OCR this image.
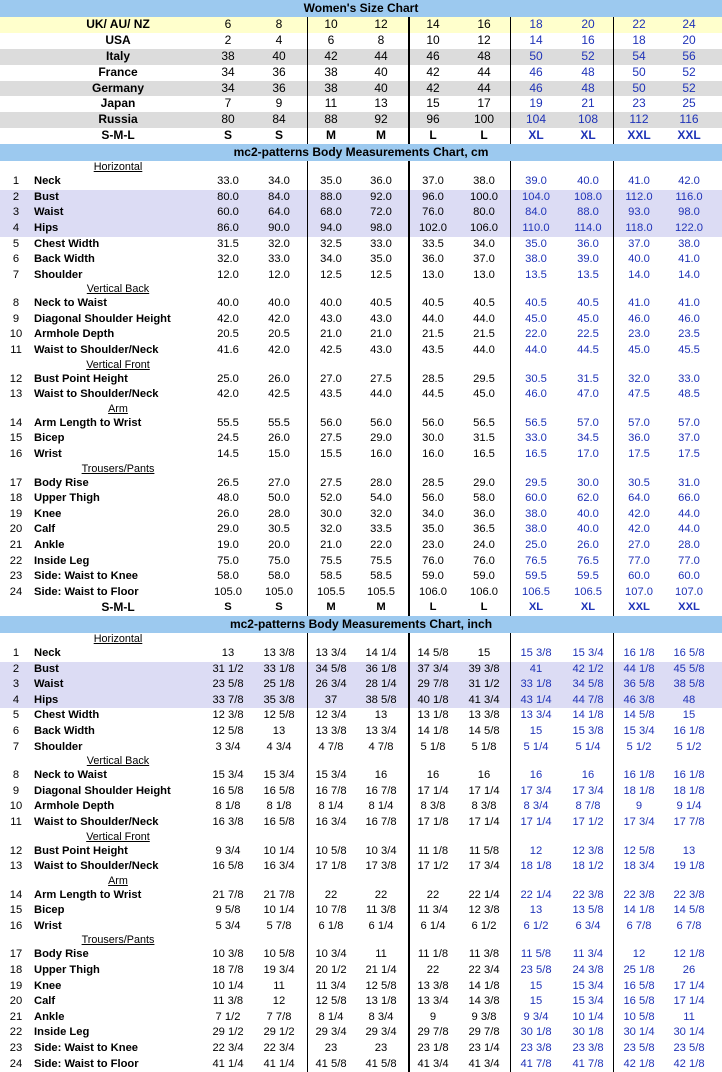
Women's Size Chart
UK/ AU/ NZ	6	8	10	12	14	16	18	20	22	24
USA	2	4	6	8	10	12	14	16	18	20
Italy	38	40	42	44	46	48	50	52	54	56
France	34	36	38	40	42	44	46	48	50	52
Germany	34	36	38	40	42	44	46	48	50	52
Japan	7	9	11	13	15	17	19	21	23	25
Russia	80	84	88	92	96	100	104	108	112	116
S-M-L	S	S	M	M	L	L	XL	XL	XXL	XXL
mc2-patterns Body Measurements Chart, cm
Horizontal
1	Neck	33.0	34.0	35.0	36.0	37.0	38.0	39.0	40.0	41.0	42.0
2	Bust	80.0	84.0	88.0	92.0	96.0	100.0	104.0	108.0	112.0	116.0
3	Waist	60.0	64.0	68.0	72.0	76.0	80.0	84.0	88.0	93.0	98.0
4	Hips	86.0	90.0	94.0	98.0	102.0	106.0	110.0	114.0	118.0	122.0
5	Chest Width	31.5	32.0	32.5	33.0	33.5	34.0	35.0	36.0	37.0	38.0
6	Back Width	32.0	33.0	34.0	35.0	36.0	37.0	38.0	39.0	40.0	41.0
7	Shoulder	12.0	12.0	12.5	12.5	13.0	13.0	13.5	13.5	14.0	14.0
Vertical Back
8	Neck to Waist	40.0	40.0	40.0	40.5	40.5	40.5	40.5	40.5	41.0	41.0
9	Diagonal Shoulder Height	42.0	42.0	43.0	43.0	44.0	44.0	45.0	45.0	46.0	46.0
10	Armhole Depth	20.5	20.5	21.0	21.0	21.5	21.5	22.0	22.5	23.0	23.5
11	Waist to Shoulder/Neck	41.6	42.0	42.5	43.0	43.5	44.0	44.0	44.5	45.0	45.5
Vertical Front
12	Bust Point Height	25.0	26.0	27.0	27.5	28.5	29.5	30.5	31.5	32.0	33.0
13	Waist to Shoulder/Neck	42.0	42.5	43.5	44.0	44.5	45.0	46.0	47.0	47.5	48.5
Arm
14	Arm Length to Wrist	55.5	55.5	56.0	56.0	56.0	56.5	56.5	57.0	57.0	57.0
15	Bicep	24.5	26.0	27.5	29.0	30.0	31.5	33.0	34.5	36.0	37.0
16	Wrist	14.5	15.0	15.5	16.0	16.0	16.5	16.5	17.0	17.5	17.5
Trousers/Pants
17	Body Rise	26.5	27.0	27.5	28.0	28.5	29.0	29.5	30.0	30.5	31.0
18	Upper Thigh	48.0	50.0	52.0	54.0	56.0	58.0	60.0	62.0	64.0	66.0
19	Knee	26.0	28.0	30.0	32.0	34.0	36.0	38.0	40.0	42.0	44.0
20	Calf	29.0	30.5	32.0	33.5	35.0	36.5	38.0	40.0	42.0	44.0
21	Ankle	19.0	20.0	21.0	22.0	23.0	24.0	25.0	26.0	27.0	28.0
22	Inside Leg	75.0	75.0	75.5	75.5	76.0	76.0	76.5	76.5	77.0	77.0
23	Side: Waist to Knee	58.0	58.0	58.5	58.5	59.0	59.0	59.5	59.5	60.0	60.0
24	Side: Waist to Floor	105.0	105.0	105.5	105.5	106.0	106.0	106.5	106.5	107.0	107.0
S-M-L	S	S	M	M	L	L	XL	XL	XXL	XXL
mc2-patterns Body Measurements Chart, inch
Horizontal
1	Neck	13	13 3/8	13 3/4	14 1/4	14 5/8	15	15 3/8	15 3/4	16 1/8	16 5/8
2	Bust	31 1/2	33 1/8	34 5/8	36 1/8	37 3/4	39 3/8	41	42 1/2	44 1/8	45 5/8
3	Waist	23 5/8	25 1/8	26 3/4	28 1/4	29 7/8	31 1/2	33 1/8	34 5/8	36 5/8	38 5/8
4	Hips	33 7/8	35 3/8	37	38 5/8	40 1/8	41 3/4	43 1/4	44 7/8	46 3/8	48
5	Chest Width	12 3/8	12 5/8	12 3/4	13	13 1/8	13 3/8	13 3/4	14 1/8	14 5/8	15
6	Back Width	12 5/8	13	13 3/8	13 3/4	14 1/8	14 5/8	15	15 3/8	15 3/4	16 1/8
7	Shoulder	3 3/4	4 3/4	4 7/8	4 7/8	5 1/8	5 1/8	5 1/4	5 1/4	5 1/2	5 1/2
Vertical Back
8	Neck to Waist	15 3/4	15 3/4	15 3/4	16	16	16	16	16	16 1/8	16 1/8
9	Diagonal Shoulder Height	16 5/8	16 5/8	16 7/8	16 7/8	17 1/4	17 1/4	17 3/4	17 3/4	18 1/8	18 1/8
10	Armhole Depth	8 1/8	8 1/8	8 1/4	8 1/4	8 3/8	8 3/8	8 3/4	8 7/8	9	9 1/4
11	Waist to Shoulder/Neck	16 3/8	16 5/8	16 3/4	16 7/8	17 1/8	17 1/4	17 1/4	17 1/2	17 3/4	17 7/8
Vertical Front
12	Bust Point Height	9 3/4	10 1/4	10 5/8	10 3/4	11 1/8	11 5/8	12	12 3/8	12 5/8	13
13	Waist to Shoulder/Neck	16 5/8	16 3/4	17 1/8	17 3/8	17 1/2	17 3/4	18 1/8	18 1/2	18 3/4	19 1/8
Arm
14	Arm Length to Wrist	21 7/8	21 7/8	22	22	22	22 1/4	22 1/4	22 3/8	22 3/8	22 3/8
15	Bicep	9 5/8	10 1/4	10 7/8	11 3/8	11 3/4	12 3/8	13	13 5/8	14 1/8	14 5/8
16	Wrist	5 3/4	5 7/8	6 1/8	6 1/4	6 1/4	6 1/2	6 1/2	6 3/4	6 7/8	6 7/8
Trousers/Pants
17	Body Rise	10 3/8	10 5/8	10 3/4	11	11 1/8	11 3/8	11 5/8	11 3/4	12	12 1/8
18	Upper Thigh	18 7/8	19 3/4	20 1/2	21 1/4	22	22 3/4	23 5/8	24 3/8	25 1/8	26
19	Knee	10 1/4	11	11 3/4	12 5/8	13 3/8	14 1/8	15	15 3/4	16 5/8	17 1/4
20	Calf	11 3/8	12	12 5/8	13 1/8	13 3/4	14 3/8	15	15 3/4	16 5/8	17 1/4
21	Ankle	7 1/2	7 7/8	8 1/4	8 3/4	9	9 3/8	9 3/4	10 1/4	10 5/8	11
22	Inside Leg	29 1/2	29 1/2	29 3/4	29 3/4	29 7/8	29 7/8	30 1/8	30 1/8	30 1/4	30 1/4
23	Side: Waist to Knee	22 3/4	22 3/4	23	23	23 1/8	23 1/4	23 3/8	23 3/8	23 5/8	23 5/8
24	Side: Waist to Floor	41 1/4	41 1/4	41 5/8	41 5/8	41 3/4	41 3/4	41 7/8	41 7/8	42 1/8	42 1/8
